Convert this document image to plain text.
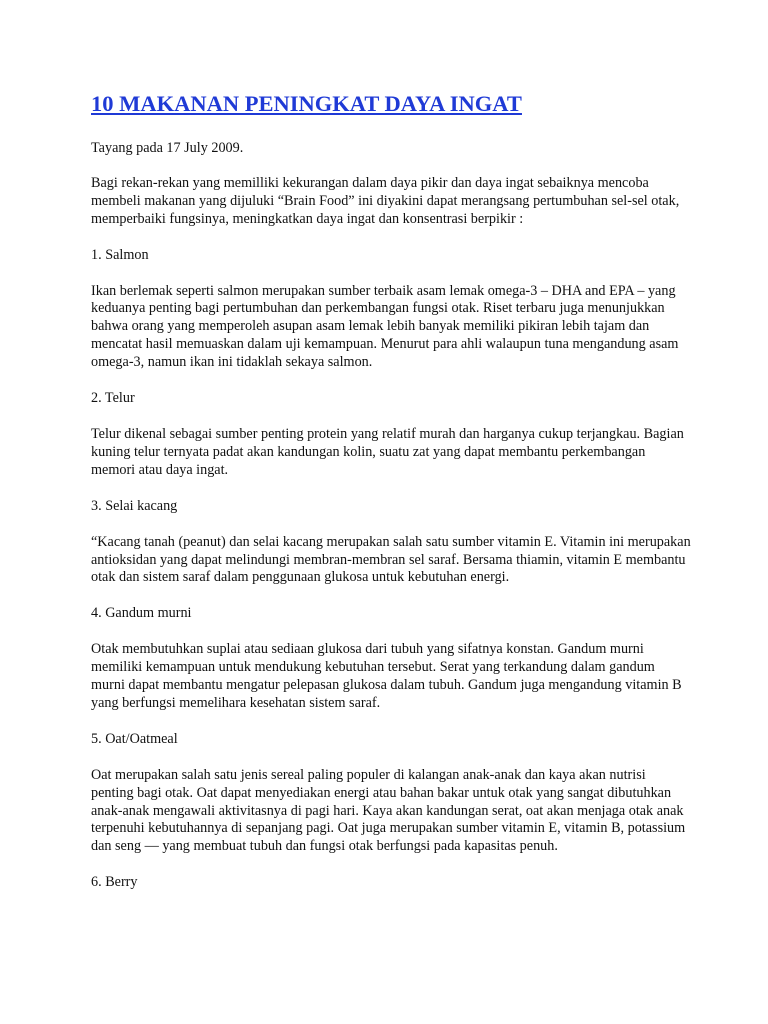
10 MAKANAN PENINGKAT DAYA INGAT

Tayang pada 17 July 2009.

Bagi rekan-rekan yang memilliki kekurangan dalam daya pikir dan daya ingat sebaiknya mencoba membeli makanan yang dijuluki “Brain Food” ini diyakini dapat merangsang pertumbuhan sel-sel otak, memperbaiki fungsinya, meningkatkan daya ingat dan konsentrasi berpikir :

1. Salmon

Ikan berlemak seperti salmon merupakan sumber terbaik asam lemak omega-3 – DHA and EPA – yang keduanya penting bagi pertumbuhan dan perkembangan fungsi otak. Riset terbaru juga menunjukkan bahwa orang yang memperoleh asupan asam lemak lebih banyak memiliki pikiran lebih tajam dan mencatat hasil memuaskan dalam uji kemampuan. Menurut para ahli walaupun tuna mengandung asam omega-3, namun ikan ini tidaklah sekaya salmon.

2. Telur

Telur dikenal sebagai sumber penting protein yang relatif murah dan harganya cukup terjangkau. Bagian kuning telur ternyata padat akan kandungan kolin, suatu zat yang dapat membantu perkembangan memori atau daya ingat.

3. Selai kacang

“Kacang tanah (peanut) dan selai kacang merupakan salah satu sumber vitamin E. Vitamin ini merupakan antioksidan yang dapat melindungi membran-membran sel saraf. Bersama thiamin, vitamin E membantu otak dan sistem saraf dalam penggunaan glukosa untuk kebutuhan energi.

4. Gandum murni

Otak membutuhkan suplai atau sediaan glukosa dari tubuh yang sifatnya konstan. Gandum murni memiliki kemampuan untuk mendukung kebutuhan tersebut. Serat yang terkandung dalam gandum murni dapat membantu mengatur pelepasan glukosa dalam tubuh. Gandum juga mengandung vitamin B yang berfungsi memelihara kesehatan sistem saraf.

5. Oat/Oatmeal

Oat merupakan salah satu jenis sereal paling populer di kalangan anak-anak dan kaya akan nutrisi penting bagi otak. Oat dapat menyediakan energi atau bahan bakar untuk otak yang sangat dibutuhkan anak-anak mengawali aktivitasnya di pagi hari. Kaya akan kandungan serat, oat akan menjaga otak anak terpenuhi kebutuhannya di sepanjang pagi. Oat juga merupakan sumber vitamin E, vitamin B, potassium dan seng — yang membuat tubuh dan fungsi otak berfungsi pada kapasitas penuh.

6. Berry
